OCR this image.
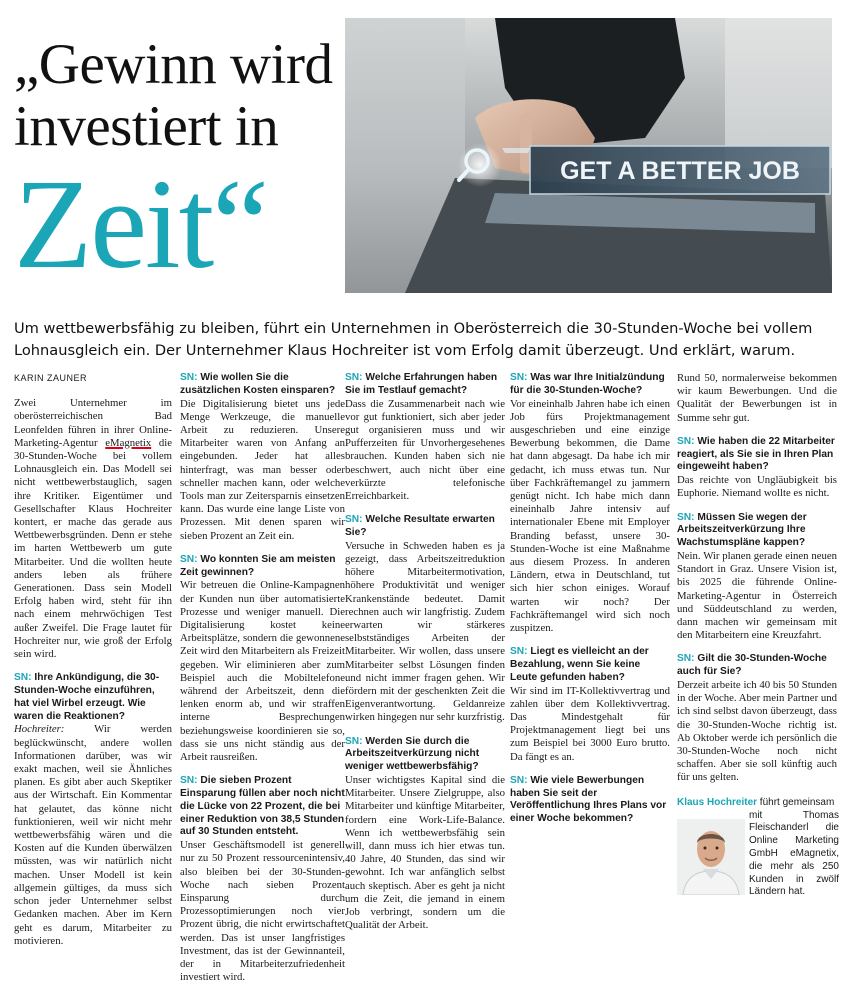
„Gewinn wird
investiert in
Zeit“	GET A BETTER JOB
Um wettbewerbsfähig zu bleiben, führt ein Unternehmen in Oberösterreich die 30-Stunden-Woche bei vollem Lohnausgleich ein. Der Unternehmer Klaus Hochreiter ist vom Erfolg damit überzeugt. Und erklärt, warum.

KARIN ZAUNER

Zwei Unternehmer im oberösterreichischen Bad Leonfelden führen in ihrer Online-Marketing-Agentur eMagnetix die 30-Stunden-Woche bei vollem Lohnausgleich ein. Das Modell sei nicht wettbewerbstauglich, sagen ihre Kritiker. Eigentümer und Gesellschafter Klaus Hochreiter kontert, er mache das gerade aus Wettbewerbsgründen. Denn er stehe im harten Wettbewerb um gute Mitarbeiter. Und die wollten heute anders leben als frühere Generationen. Dass sein Modell Erfolg haben wird, steht für ihn nach einem mehrwöchigen Test außer Zweifel. Die Frage lautet für Hochreiter nur, wie groß der Erfolg sein wird.

SN: Ihre Ankündigung, die 30-Stunden-Woche einzuführen, hat viel Wirbel erzeugt. Wie waren die Reaktionen?

Hochreiter: Wir werden beglückwünscht, andere wollen Informationen darüber, was wir exakt machen, weil sie Ähnliches planen. Es gibt aber auch Skeptiker aus der Wirtschaft. Ein Kommentar hat gelautet, das könne nicht funktionieren, weil wir nicht mehr wettbewerbsfähig wären und die Kosten auf die Kunden überwälzen müssten, was wir natürlich nicht machen. Unser Modell ist kein allgemein gültiges, da muss sich schon jeder Unternehmer selbst Gedanken machen. Aber im Kern geht es darum, Mitarbeiter zu motivieren.

SN: Wie wollen Sie die zusätzlichen Kosten einsparen?

Die Digitalisierung bietet uns jede Menge Werkzeuge, die manuelle Arbeit zu reduzieren. Unsere Mitarbeiter waren von Anfang an eingebunden. Jeder hat alles hinterfragt, was man besser oder schneller machen kann, oder welche Tools man zur Zeitersparnis einsetzen kann. Das wurde eine lange Liste von Prozessen. Mit denen sparen wir sieben Prozent an Zeit ein.

SN: Wo konnten Sie am meisten Zeit gewinnen?

Wir betreuen die Online-Kampagnen der Kunden nun über automatisierte Prozesse und weniger manuell. Die Digitalisierung kostet keine Arbeitsplätze, sondern die gewonnene Zeit wird den Mitarbeitern als Freizeit gegeben. Wir eliminieren aber zum Beispiel auch die Mobiltelefone während der Arbeitszeit, denn die lenken enorm ab, und wir straffen interne Besprechungen beziehungsweise koordinieren sie so, dass sie uns nicht ständig aus der Arbeit rausreißen.

SN: Die sieben Prozent Einsparung füllen aber noch nicht die Lücke von 22 Prozent, die bei einer Reduktion von 38,5 Stunden auf 30 Stunden entsteht.

Unser Geschäftsmodell ist generell nur zu 50 Prozent ressourcenintensiv, also bleiben bei der 30-Stunden-Woche nach sieben Prozent Einsparung durch Prozessoptimierungen noch vier Prozent übrig, die nicht erwirtschaftet werden. Das ist unser langfristiges Investment, das ist der Gewinnanteil, der in Mitarbeiterzufriedenheit investiert wird.

SN: Welche Erfahrungen haben Sie im Testlauf gemacht?

Dass die Zusammenarbeit nach wie vor gut funktioniert, sich aber jeder gut organisieren muss und wir Pufferzeiten für Unvorhergesehenes brauchen. Kunden haben sich nie beschwert, auch nicht über eine verkürzte telefonische Erreichbarkeit.

SN: Welche Resultate erwarten Sie?

Versuche in Schweden haben es ja gezeigt, dass Arbeitszeitreduktion höhere Mitarbeitermotivation, höhere Produktivität und weniger Krankenstände bedeutet. Damit rechnen auch wir langfristig. Zudem erwarten wir stärkeres selbstständiges Arbeiten der Mitarbeiter. Wir wollen, dass unsere Mitarbeiter selbst Lösungen finden und nicht immer fragen gehen. Wir fördern mit der geschenkten Zeit die Eigenverantwortung. Geldanreize wirken hingegen nur sehr kurzfristig.

SN: Werden Sie durch die Arbeitszeitverkürzung nicht weniger wettbewerbsfähig?

Unser wichtigstes Kapital sind die Mitarbeiter. Unsere Zielgruppe, also Mitarbeiter und künftige Mitarbeiter, fordern eine Work-Life-Balance. Wenn ich wettbewerbsfähig sein will, dann muss ich hier etwas tun. 40 Jahre, 40 Stunden, das sind wir gewohnt. Ich war anfänglich selbst auch skeptisch. Aber es geht ja nicht um die Zeit, die jemand in einem Job verbringt, sondern um die Qualität der Arbeit.

SN: Was war Ihre Initialzündung für die 30-Stunden-Woche?

Vor eineinhalb Jahren habe ich einen Job fürs Projektmanagement ausgeschrieben und eine einzige Bewerbung bekommen, die Dame hat dann abgesagt. Da habe ich mir gedacht, ich muss etwas tun. Nur über Fachkräftemangel zu jammern genügt nicht. Ich habe mich dann eineinhalb Jahre intensiv auf internationaler Ebene mit Employer Branding befasst, unsere 30-Stunden-Woche ist eine Maßnahme aus diesem Prozess. In anderen Ländern, etwa in Deutschland, tut sich hier schon einiges. Worauf warten wir noch? Der Fachkräftemangel wird sich noch zuspitzen.

SN: Liegt es vielleicht an der Bezahlung, wenn Sie keine Leute gefunden haben?

Wir sind im IT-Kollektivvertrag und zahlen über dem Kollektivvertrag. Das Mindestgehalt für Projektmanagement liegt bei uns zum Beispiel bei 3000 Euro brutto. Da fängt es an.

SN: Wie viele Bewerbungen haben Sie seit der Veröffentlichung Ihres Plans vor einer Woche bekommen?

Rund 50, normalerweise bekommen wir kaum Bewerbungen. Und die Qualität der Bewerbungen ist in Summe sehr gut.

SN: Wie haben die 22 Mitarbeiter reagiert, als Sie sie in Ihren Plan eingeweiht haben?

Das reichte von Ungläubigkeit bis Euphorie. Niemand wollte es nicht.

SN: Müssen Sie wegen der Arbeitszeitverkürzung Ihre Wachstumspläne kappen?

Nein. Wir planen gerade einen neuen Standort in Graz. Unsere Vision ist, bis 2025 die führende Online-Marketing-Agentur in Österreich und Süddeutschland zu werden, dann machen wir gemeinsam mit den Mitarbeitern eine Kreuzfahrt.

SN: Gilt die 30-Stunden-Woche auch für Sie?

Derzeit arbeite ich 40 bis 50 Stunden in der Woche. Aber mein Partner und ich sind selbst davon überzeugt, dass die 30-Stunden-Woche richtig ist. Ab Oktober werde ich persönlich die 30-Stunden-Woche noch nicht schaffen. Aber sie soll künftig auch für uns gelten.

Klaus Hochreiter führt gemeinsam
mit Thomas Fleischanderl die Online Marketing GmbH eMagnetix, die mehr als 250 Kunden in zwölf Ländern hat.
